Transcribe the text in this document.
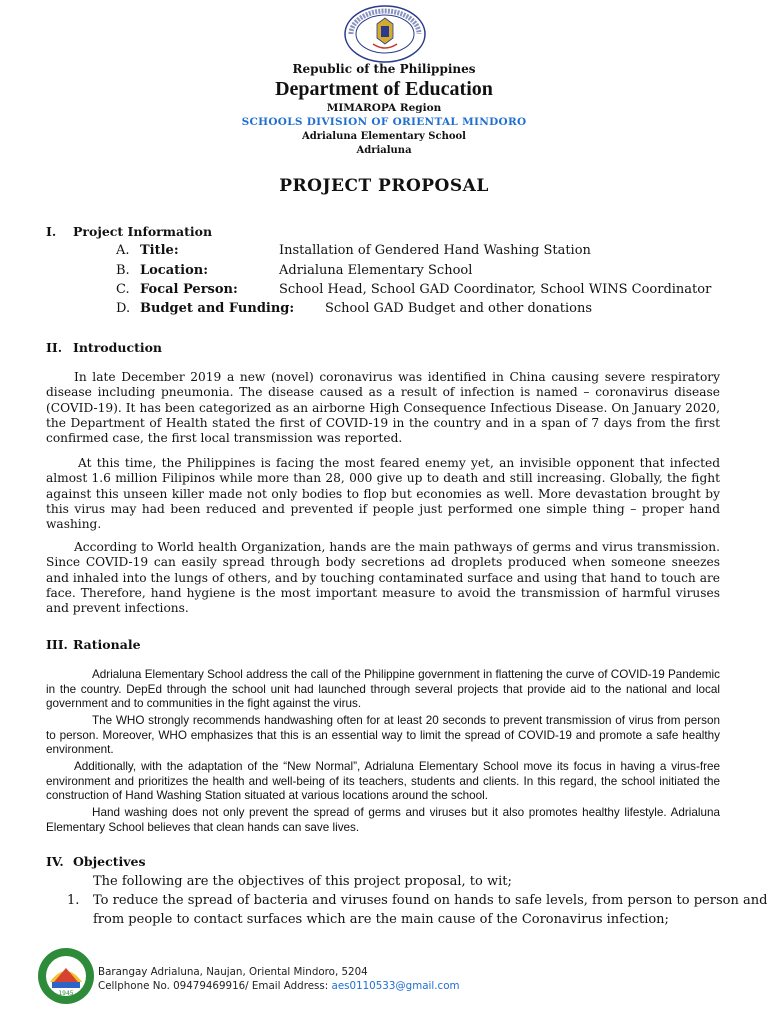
Republic of the Philippines
Department of Education
MIMAROPA Region
SCHOOLS DIVISION OF ORIENTAL MINDORO
Adrialuna Elementary School
Adrialuna
PROJECT PROPOSAL
I. Project Information
A. Title:	Installation of Gendered Hand Washing Station
B. Location:	Adrialuna Elementary School
C. Focal Person:	School Head, School GAD Coordinator, School WINS Coordinator
D. Budget and Funding: School GAD Budget and other donations
II. Introduction

In late December 2019 a new (novel) coronavirus was identified in China causing severe respiratory disease including pneumonia. The disease caused as a result of infection is named – coronavirus disease (COVID-19). It has been categorized as an airborne High Consequence Infectious Disease. On January 2020, the Department of Health stated the first of COVID-19 in the country and in a span of 7 days from the first confirmed case, the first local transmission was reported.

At this time, the Philippines is facing the most feared enemy yet, an invisible opponent that infected almost 1.6 million Filipinos while more than 28, 000 give up to death and still increasing. Globally, the fight against this unseen killer made not only bodies to flop but economies as well. More devastation brought by this virus may had been reduced and prevented if people just performed one simple thing – proper hand washing.

According to World health Organization, hands are the main pathways of germs and virus transmission. Since COVID-19 can easily spread through body secretions ad droplets produced when someone sneezes and inhaled into the lungs of others, and by touching contaminated surface and using that hand to touch are face. Therefore, hand hygiene is the most important measure to avoid the transmission of harmful viruses and prevent infections.

III. Rationale

Adrialuna Elementary School address the call of the Philippine government in flattening the curve of COVID-19 Pandemic in the country. DepEd through the school unit had launched through several projects that provide aid to the national and local government and to communities in the fight against the virus.

The WHO strongly recommends handwashing often for at least 20 seconds to prevent transmission of virus from person to person. Moreover, WHO emphasizes that this is an essential way to limit the spread of COVID-19 and promote a safe healthy environment.

Additionally, with the adaptation of the “New Normal”, Adrialuna Elementary School move its focus in having a virus-free environment and prioritizes the health and well-being of its teachers, students and clients. In this regard, the school initiated the construction of Hand Washing Station situated at various locations around the school.

Hand washing does not only prevent the spread of germs and viruses but it also promotes healthy lifestyle. Adrialuna Elementary School believes that clean hands can save lives.

IV. Objectives
The following are the objectives of this project proposal, to wit;
1. To reduce the spread of bacteria and viruses found on hands to safe levels, from person to person and
from people to contact surfaces which are the main cause of the Coronavirus infection;
1945
Barangay Adrialuna, Naujan, Oriental Mindoro, 5204
Cellphone No. 09479469916/ Email Address: aes0110533@gmail.com
